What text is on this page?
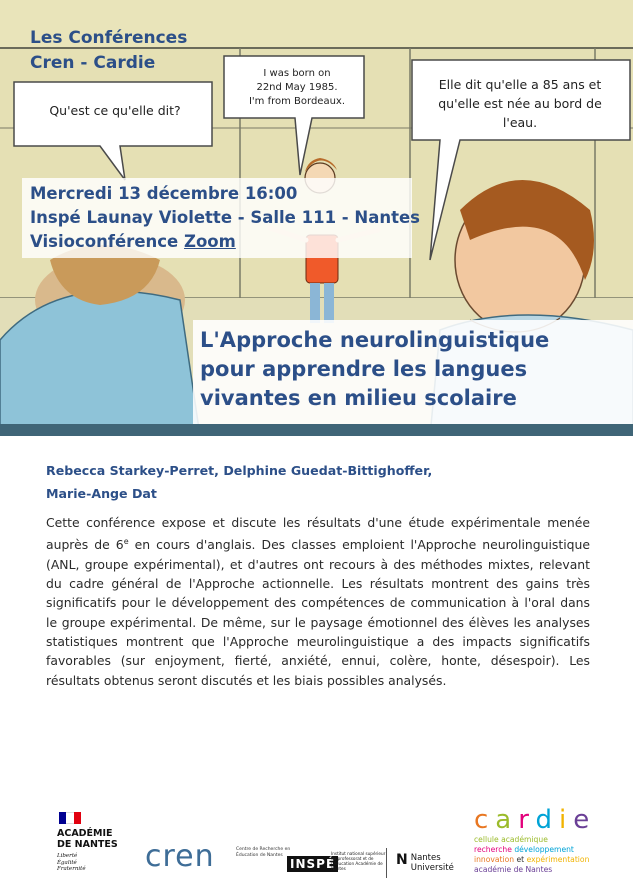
Les Conférences
Cren - Cardie
Qu'est ce qu'elle dit?
I was born on
22nd May 1985.
I'm from Bordeaux.
Elle dit qu'elle a 85 ans et qu'elle est née au bord de l'eau.
Mercredi 13 décembre 16:00
Inspé Launay Violette - Salle 111 - Nantes
Visioconférence Zoom
L'Approche neurolinguistique
pour apprendre les langues
vivantes en milieu scolaire
Rebecca Starkey-Perret, Delphine Guedat-Bittighoffer,
Marie-Ange Dat
Cette conférence expose et discute les résultats d'une étude expérimentale menée auprès de 6e en cours d'anglais. Des classes emploient l'Approche neurolinguistique (ANL, groupe expérimental), et d'autres ont recours à des méthodes mixtes, relevant du cadre général de l'Approche actionnelle. Les résultats montrent des gains très significatifs pour le développement des compétences de communication à l'oral dans le groupe expérimental. De même, sur le paysage émotionnel des élèves les analyses statistiques montrent que l'Approche meurolinguistique a des impacts significatifs favorables (sur enjoyment, fierté, anxiété, ennui, colère, honte, désespoir). Les résultats obtenus seront discutés et les biais possibles analysés.
ACADÉMIE
DE NANTES
Liberté
Égalité
Fraternité	cren	Centre de Recherche en Éducation de Nantes
INSPÉ
Institut national supérieur du professorat et de l'éducation Académie de Nantes
Ν Nantes
Université
cardie
cellule académique
recherche développement
innovation et expérimentation
académie de Nantes
